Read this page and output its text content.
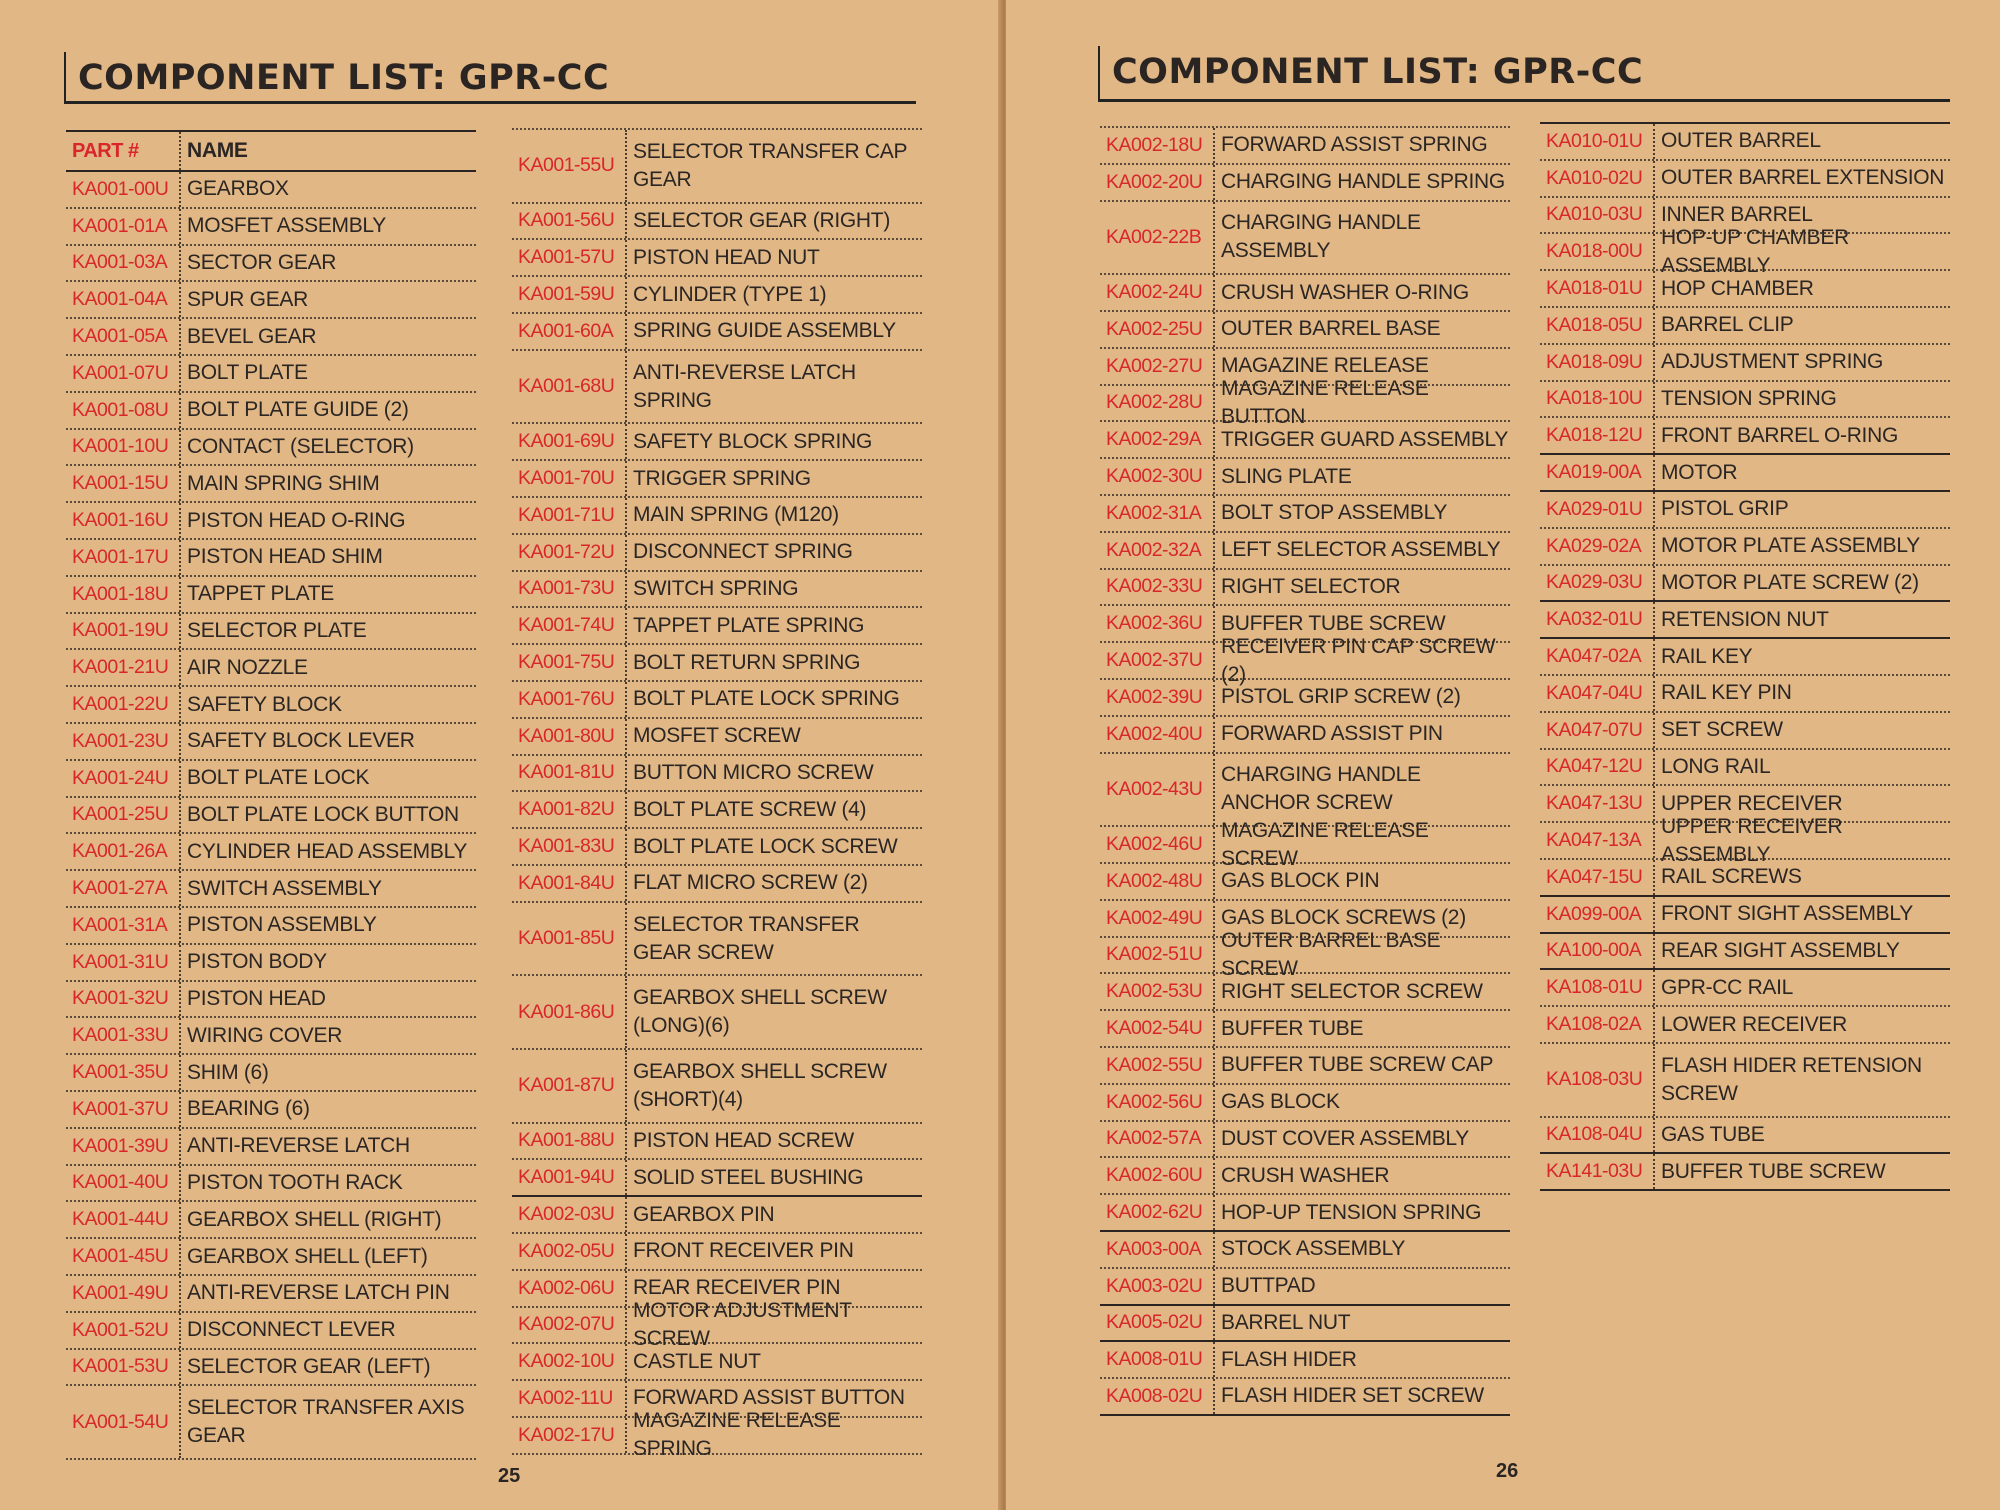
COMPONENT LIST: GPR-CC
PART #	NAME
KA001-00U GEARBOX
KA001-01A MOSFET ASSEMBLY
KA001-03A SECTOR GEAR
KA001-04A SPUR GEAR
KA001-05A BEVEL GEAR
KA001-07U BOLT PLATE
KA001-08U BOLT PLATE GUIDE (2)
KA001-10U CONTACT (SELECTOR)
KA001-15U MAIN SPRING SHIM
KA001-16U PISTON HEAD O-RING
KA001-17U PISTON HEAD SHIM
KA001-18U TAPPET PLATE
KA001-19U SELECTOR PLATE
KA001-21U AIR NOZZLE
KA001-22U SAFETY BLOCK
KA001-23U SAFETY BLOCK LEVER
KA001-24U BOLT PLATE LOCK
KA001-25U BOLT PLATE LOCK BUTTON
KA001-26A CYLINDER HEAD ASSEMBLY
KA001-27A SWITCH ASSEMBLY
KA001-31A PISTON ASSEMBLY
KA001-31U PISTON BODY
KA001-32U PISTON HEAD
KA001-33U WIRING COVER
KA001-35U SHIM (6)
KA001-37U BEARING (6)
KA001-39U ANTI-REVERSE LATCH
KA001-40U PISTON TOOTH RACK
KA001-44U GEARBOX SHELL (RIGHT)
KA001-45U GEARBOX SHELL (LEFT)
KA001-49U ANTI-REVERSE LATCH PIN
KA001-52U DISCONNECT LEVER
KA001-53U SELECTOR GEAR (LEFT)
KA001-54U
SELECTOR TRANSFER AXIS GEAR
KA001-55U
SELECTOR TRANSFER CAP GEAR
KA001-56U SELECTOR GEAR (RIGHT)
KA001-57U PISTON HEAD NUT
KA001-59U CYLINDER (TYPE 1)
KA001-60A SPRING GUIDE ASSEMBLY
KA001-68U
ANTI-REVERSE LATCH SPRING
KA001-69U SAFETY BLOCK SPRING
KA001-70U TRIGGER SPRING
KA001-71U MAIN SPRING (M120)
KA001-72U DISCONNECT SPRING
KA001-73U SWITCH SPRING
KA001-74U TAPPET PLATE SPRING
KA001-75U BOLT RETURN SPRING
KA001-76U BOLT PLATE LOCK SPRING
KA001-80U MOSFET SCREW
KA001-81U BUTTON MICRO SCREW
KA001-82U BOLT PLATE SCREW (4)
KA001-83U BOLT PLATE LOCK SCREW
KA001-84U FLAT MICRO SCREW (2)
KA001-85U
SELECTOR TRANSFER GEAR SCREW
KA001-86U
GEARBOX SHELL SCREW (LONG)(6)
KA001-87U
GEARBOX SHELL SCREW (SHORT)(4)
KA001-88U PISTON HEAD SCREW
KA001-94U SOLID STEEL BUSHING
KA002-03U GEARBOX PIN
KA002-05U FRONT RECEIVER PIN
KA002-06U REAR RECEIVER PIN
KA002-07U
MOTOR ADJUSTMENT SCREW
KA002-10U CASTLE NUT
KA002-11U FORWARD ASSIST BUTTON
KA002-17U
MAGAZINE RELEASE SPRING
25
COMPONENT LIST: GPR-CC
KA002-18U FORWARD ASSIST SPRING
KA002-20U CHARGING HANDLE SPRING
KA002-22B
CHARGING HANDLE ASSEMBLY
KA002-24U CRUSH WASHER O-RING
KA002-25U OUTER BARREL BASE
KA002-27U MAGAZINE RELEASE
KA002-28U
MAGAZINE RELEASE BUTTON
KA002-29A TRIGGER GUARD ASSEMBLY
KA002-30U SLING PLATE
KA002-31A BOLT STOP ASSEMBLY
KA002-32A LEFT SELECTOR ASSEMBLY
KA002-33U RIGHT SELECTOR
KA002-36U BUFFER TUBE SCREW
KA002-37U
RECEIVER PIN CAP SCREW (2)
KA002-39U PISTOL GRIP SCREW (2)
KA002-40U FORWARD ASSIST PIN
KA002-43U
CHARGING HANDLE ANCHOR SCREW
KA002-46U
MAGAZINE RELEASE SCREW
KA002-48U GAS BLOCK PIN
KA002-49U GAS BLOCK SCREWS (2)
KA002-51U
OUTER BARREL BASE SCREW
KA002-53U RIGHT SELECTOR SCREW
KA002-54U BUFFER TUBE
KA002-55U BUFFER TUBE SCREW CAP
KA002-56U GAS BLOCK
KA002-57A DUST COVER ASSEMBLY
KA002-60U CRUSH WASHER
KA002-62U HOP-UP TENSION SPRING
KA003-00A STOCK ASSEMBLY
KA003-02U BUTTPAD
KA005-02U BARREL NUT
KA008-01U FLASH HIDER
KA008-02U FLASH HIDER SET SCREW
KA010-01U OUTER BARREL
KA010-02U OUTER BARREL EXTENSION
KA010-03U INNER BARREL
KA018-00U
HOP-UP CHAMBER ASSEMBLY
KA018-01U HOP CHAMBER
KA018-05U BARREL CLIP
KA018-09U ADJUSTMENT SPRING
KA018-10U TENSION SPRING
KA018-12U FRONT BARREL O-RING
KA019-00A MOTOR
KA029-01U PISTOL GRIP
KA029-02A MOTOR PLATE ASSEMBLY
KA029-03U MOTOR PLATE SCREW (2)
KA032-01U RETENSION NUT
KA047-02A RAIL KEY
KA047-04U RAIL KEY PIN
KA047-07U SET SCREW
KA047-12U LONG RAIL
KA047-13U UPPER RECEIVER
KA047-13A
UPPER RECEIVER ASSEMBLY
KA047-15U RAIL SCREWS
KA099-00A FRONT SIGHT ASSEMBLY
KA100-00A REAR SIGHT ASSEMBLY
KA108-01U GPR-CC RAIL
KA108-02A LOWER RECEIVER
KA108-03U
FLASH HIDER RETENSION SCREW
KA108-04U GAS TUBE
KA141-03U BUFFER TUBE SCREW
26
